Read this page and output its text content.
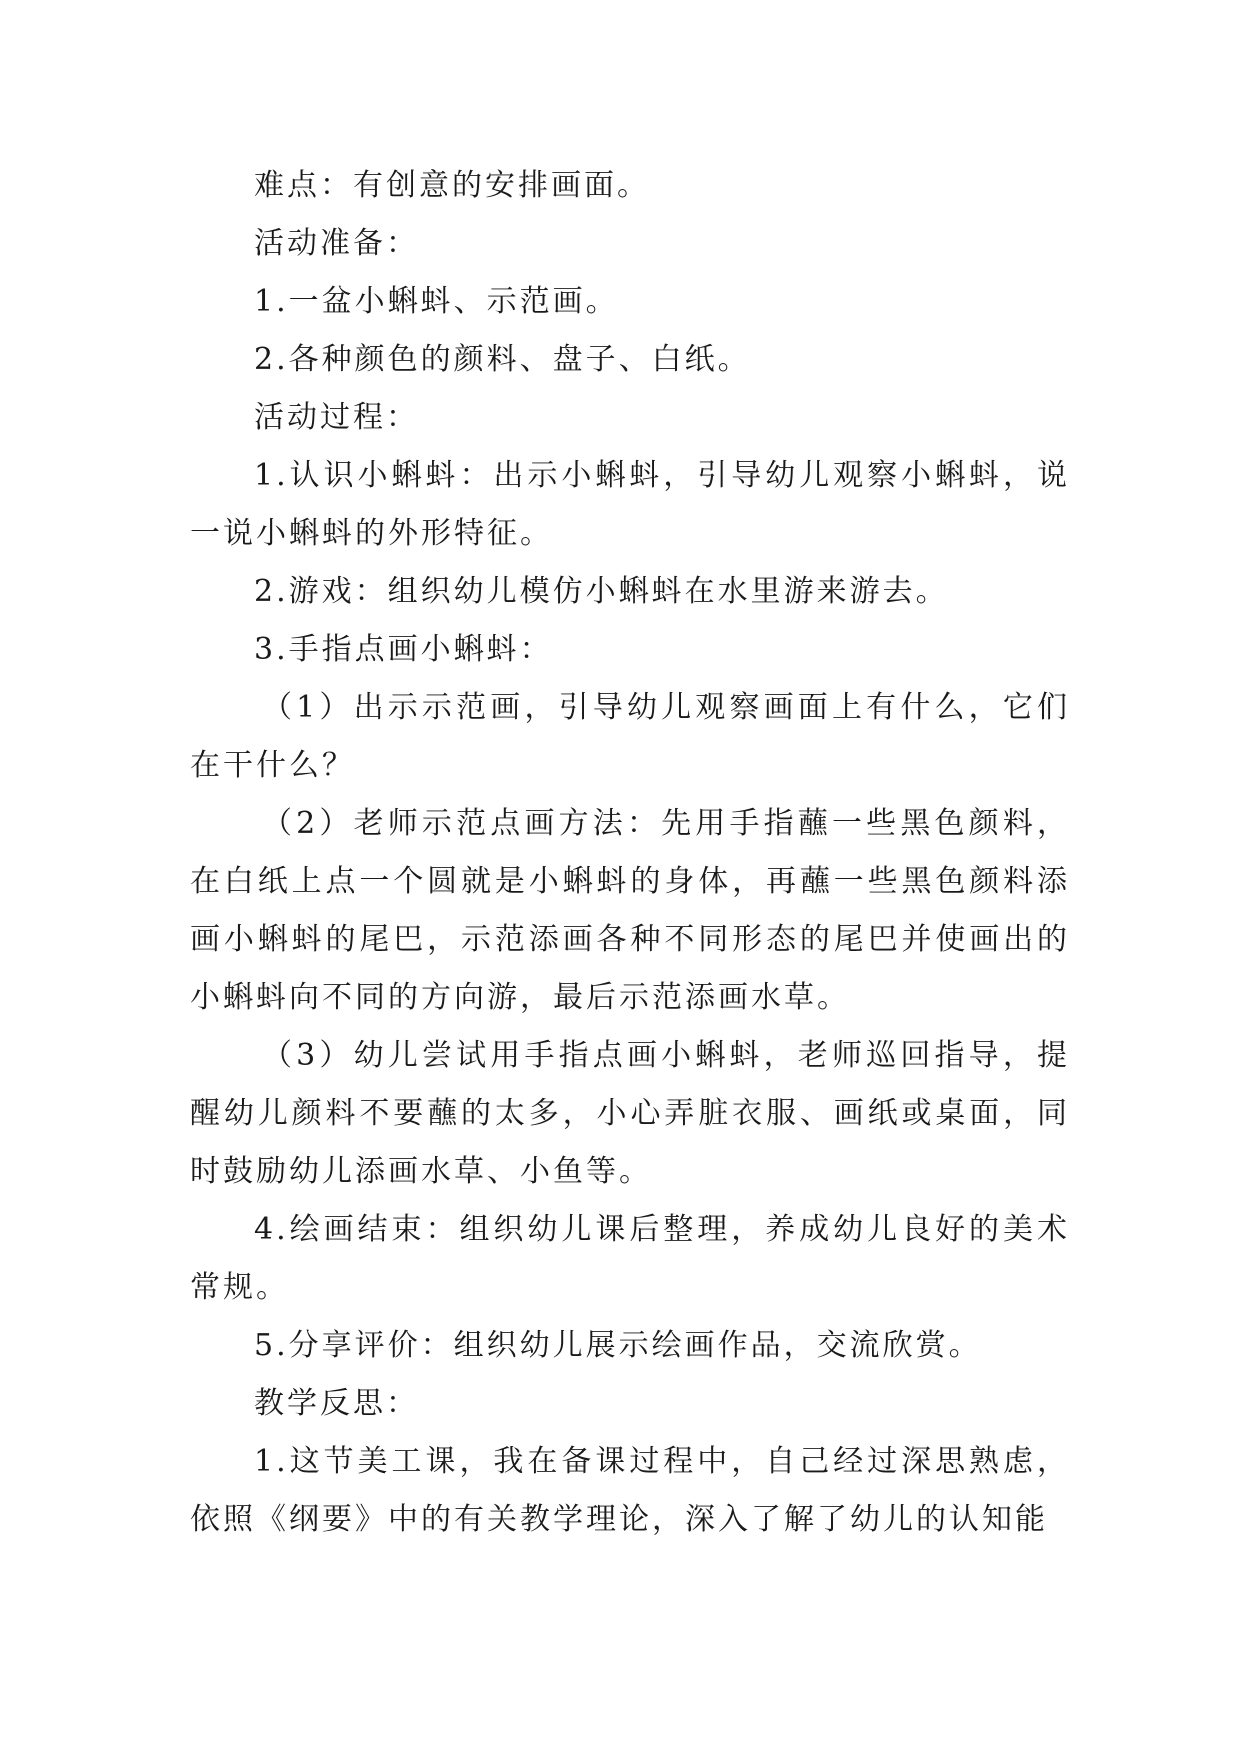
难点：有创意的安排画面。

活动准备：

1.一盆小蝌蚪、示范画。

2.各种颜色的颜料、盘子、白纸。

活动过程：

1.认识小蝌蚪：出示小蝌蚪，引导幼儿观察小蝌蚪，说一说小蝌蚪的外形特征。

2.游戏：组织幼儿模仿小蝌蚪在水里游来游去。

3.手指点画小蝌蚪：

（1）出示示范画，引导幼儿观察画面上有什么，它们在干什么？

（2）老师示范点画方法：先用手指蘸一些黑色颜料，在白纸上点一个圆就是小蝌蚪的身体，再蘸一些黑色颜料添画小蝌蚪的尾巴，示范添画各种不同形态的尾巴并使画出的小蝌蚪向不同的方向游，最后示范添画水草。

（3）幼儿尝试用手指点画小蝌蚪，老师巡回指导，提醒幼儿颜料不要蘸的太多，小心弄脏衣服、画纸或桌面，同时鼓励幼儿添画水草、小鱼等。

4.绘画结束：组织幼儿课后整理，养成幼儿良好的美术常规。

5.分享评价：组织幼儿展示绘画作品，交流欣赏。

教学反思：

1.这节美工课，我在备课过程中，自己经过深思熟虑，依照《纲要》中的有关教学理论，深入了解了幼儿的认知能
